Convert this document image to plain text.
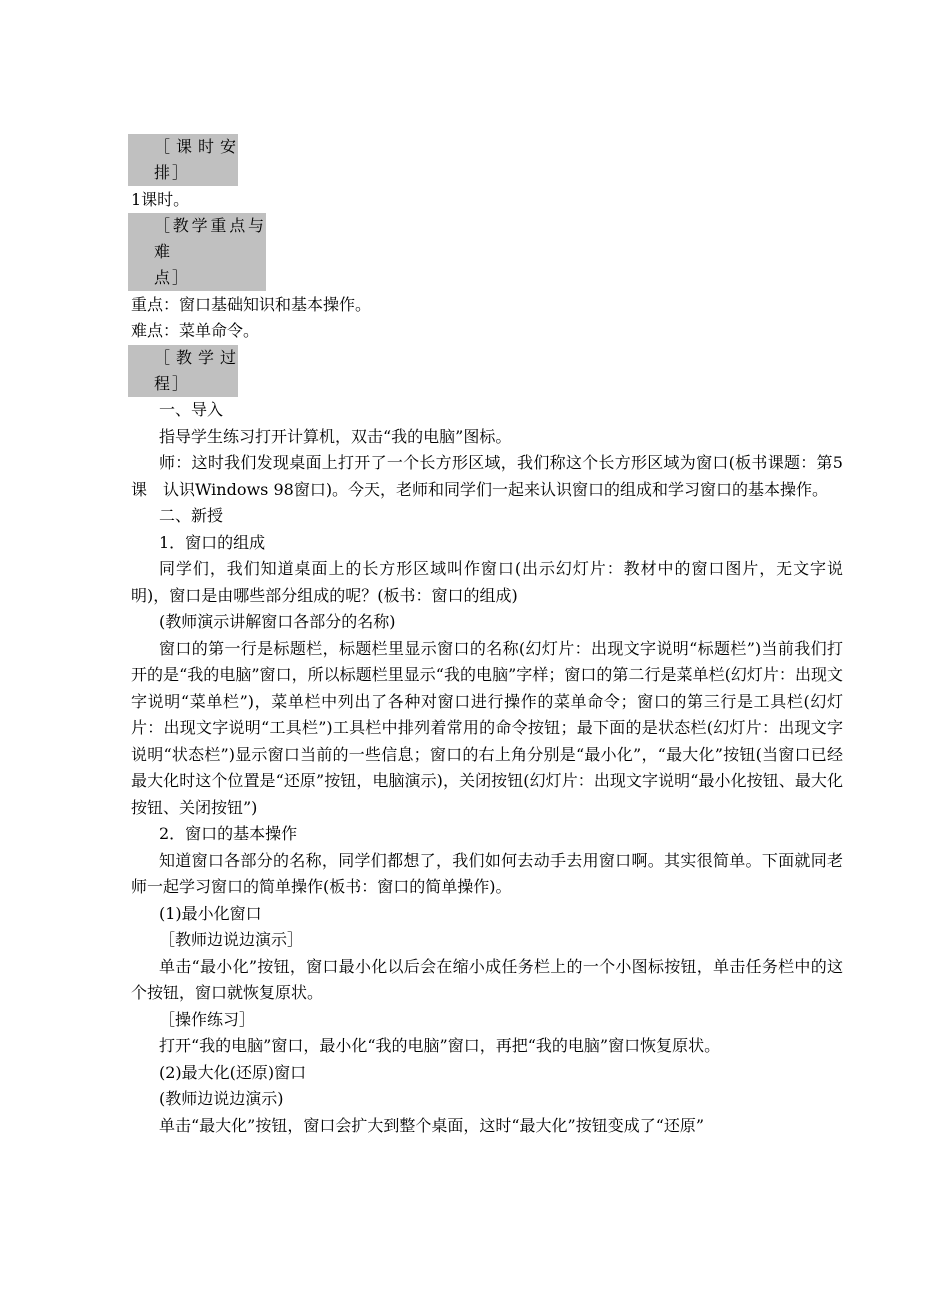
［课时安
排］

1课时。

［教学重点与难
点］

重点：窗口基础知识和基本操作。

难点：菜单命令。

［教学过
程］

一、导入

指导学生练习打开计算机，双击“我的电脑”图标。

师：这时我们发现桌面上打开了一个长方形区域，我们称这个长方形区域为窗口(板书课题：第5课　认识Windows 98窗口)。今天，老师和同学们一起来认识窗口的组成和学习窗口的基本操作。

二、新授

1．窗口的组成

同学们，我们知道桌面上的长方形区域叫作窗口(出示幻灯片：教材中的窗口图片，无文字说明)，窗口是由哪些部分组成的呢？(板书：窗口的组成)

(教师演示讲解窗口各部分的名称)

窗口的第一行是标题栏，标题栏里显示窗口的名称(幻灯片：出现文字说明“标题栏”)当前我们打开的是“我的电脑”窗口，所以标题栏里显示“我的电脑”字样；窗口的第二行是菜单栏(幻灯片：出现文字说明“菜单栏”)，菜单栏中列出了各种对窗口进行操作的菜单命令；窗口的第三行是工具栏(幻灯片：出现文字说明“工具栏”)工具栏中排列着常用的命令按钮；最下面的是状态栏(幻灯片：出现文字说明“状态栏”)显示窗口当前的一些信息；窗口的右上角分别是“最小化”，“最大化”按钮(当窗口已经最大化时这个位置是“还原”按钮，电脑演示)，关闭按钮(幻灯片：出现文字说明“最小化按钮、最大化按钮、关闭按钮”)

2．窗口的基本操作

知道窗口各部分的名称，同学们都想了，我们如何去动手去用窗口啊。其实很简单。下面就同老师一起学习窗口的简单操作(板书：窗口的简单操作)。

(1)最小化窗口

［教师边说边演示］

单击“最小化”按钮，窗口最小化以后会在缩小成任务栏上的一个小图标按钮，单击任务栏中的这个按钮，窗口就恢复原状。

［操作练习］

打开“我的电脑”窗口，最小化“我的电脑”窗口，再把“我的电脑”窗口恢复原状。

(2)最大化(还原)窗口

(教师边说边演示)

单击“最大化”按钮，窗口会扩大到整个桌面，这时“最大化”按钮变成了“还原”
